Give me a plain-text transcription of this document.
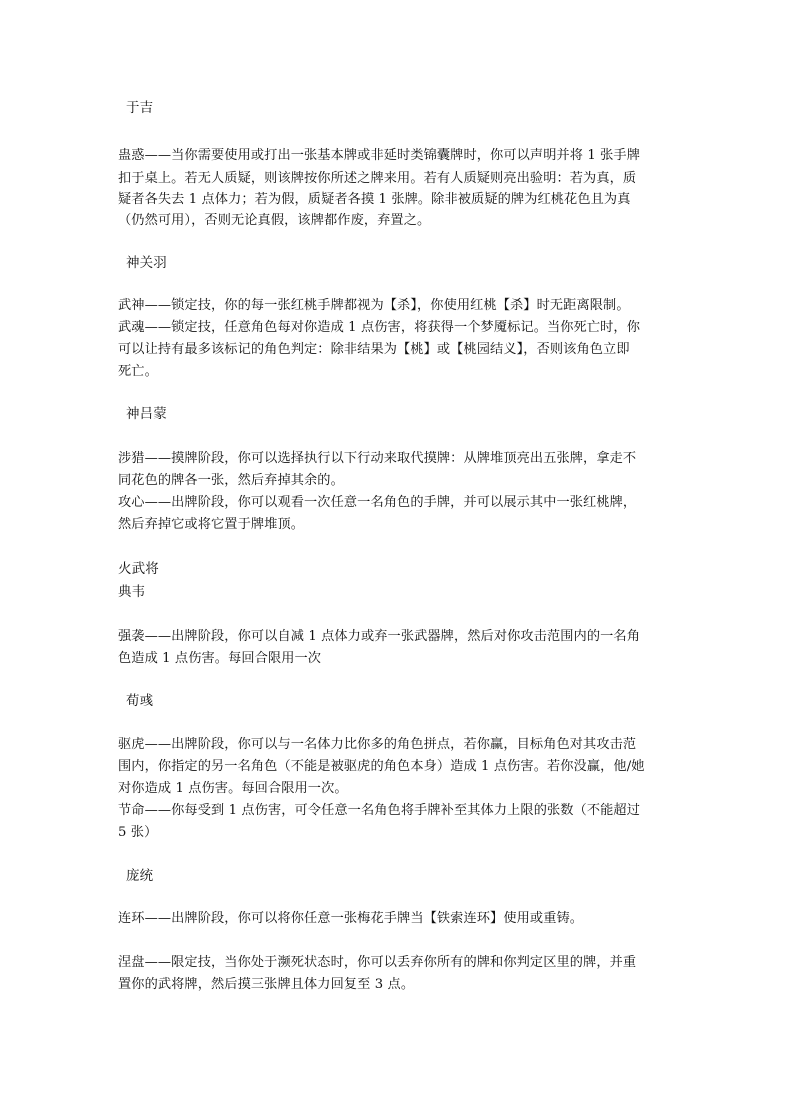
于吉
蛊惑——当你需要使用或打出一张基本牌或非延时类锦囊牌时，你可以声明并将 1 张手牌
扣于桌上。若无人质疑，则该牌按你所述之牌来用。若有人质疑则亮出验明：若为真，质
疑者各失去 1 点体力；若为假，质疑者各摸 1 张牌。除非被质疑的牌为红桃花色且为真
（仍然可用），否则无论真假，该牌都作废，弃置之。
神关羽
武神——锁定技，你的每一张红桃手牌都视为【杀】，你使用红桃【杀】时无距离限制。
武魂——锁定技，任意角色每对你造成 1 点伤害，将获得一个梦魇标记。当你死亡时，你
可以让持有最多该标记的角色判定：除非结果为【桃】或【桃园结义】，否则该角色立即
死亡。
神吕蒙
涉猎——摸牌阶段，你可以选择执行以下行动来取代摸牌：从牌堆顶亮出五张牌，拿走不
同花色的牌各一张，然后弃掉其余的。
攻心——出牌阶段，你可以观看一次任意一名角色的手牌，并可以展示其中一张红桃牌，
然后弃掉它或将它置于牌堆顶。
火武将
典韦
强袭——出牌阶段，你可以自减 1 点体力或弃一张武器牌，然后对你攻击范围内的一名角
色造成 1 点伤害。每回合限用一次
荀彧
驱虎——出牌阶段，你可以与一名体力比你多的角色拼点，若你赢，目标角色对其攻击范
围内，你指定的另一名角色（不能是被驱虎的角色本身）造成 1 点伤害。若你没赢，他/她
对你造成 1 点伤害。每回合限用一次。
节命——你每受到 1 点伤害，可令任意一名角色将手牌补至其体力上限的张数（不能超过
5 张）
庞统
连环——出牌阶段，你可以将你任意一张梅花手牌当【铁索连环】使用或重铸。
涅盘——限定技，当你处于濒死状态时，你可以丢弃你所有的牌和你判定区里的牌，并重
置你的武将牌，然后摸三张牌且体力回复至 3 点。
